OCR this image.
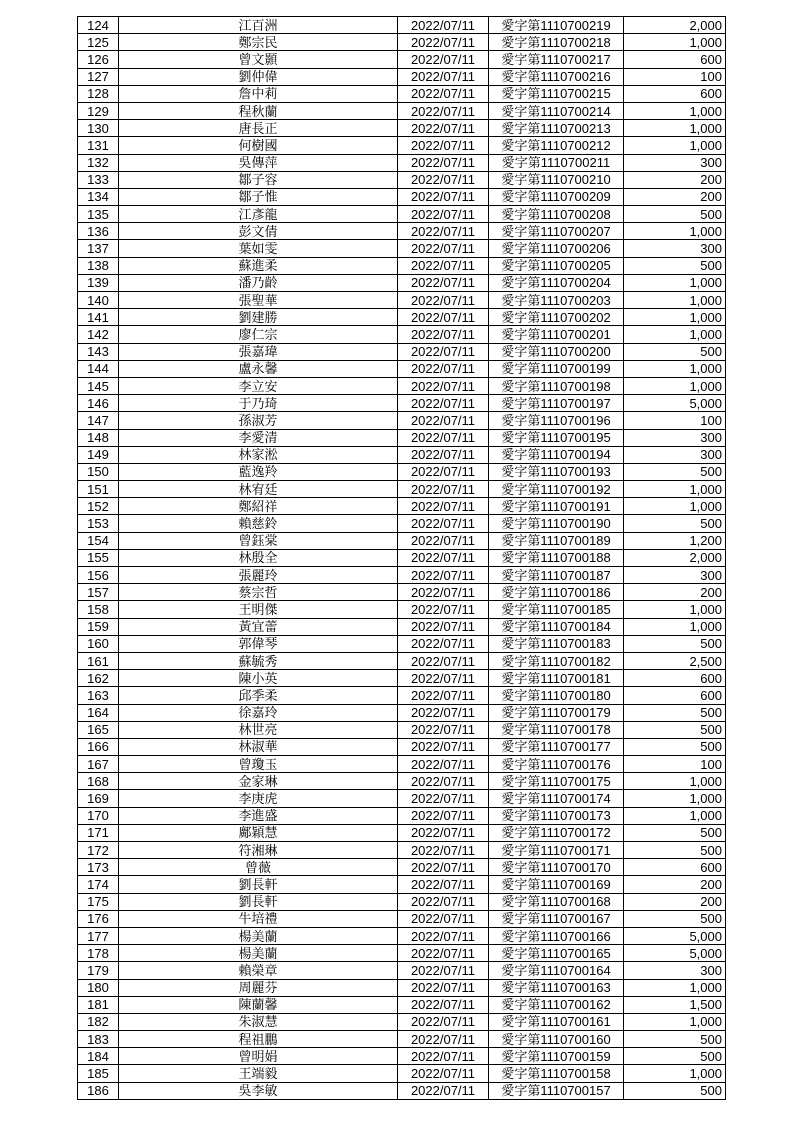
124	江百洲	2022/07/11	愛字第1110700219	2,000
125	鄭宗民	2022/07/11	愛字第1110700218	1,000
126	曾文顥	2022/07/11	愛字第1110700217	600
127	劉仲偉	2022/07/11	愛字第1110700216	100
128	詹中莉	2022/07/11	愛字第1110700215	600
129	程秋蘭	2022/07/11	愛字第1110700214	1,000
130	唐長正	2022/07/11	愛字第1110700213	1,000
131	何樹國	2022/07/11	愛字第1110700212	1,000
132	吳傳萍	2022/07/11	愛字第1110700211	300
133	鄒子容	2022/07/11	愛字第1110700210	200
134	鄒子惟	2022/07/11	愛字第1110700209	200
135	江彥龍	2022/07/11	愛字第1110700208	500
136	彭文倩	2022/07/11	愛字第1110700207	1,000
137	葉如雯	2022/07/11	愛字第1110700206	300
138	蘇進柔	2022/07/11	愛字第1110700205	500
139	潘乃齡	2022/07/11	愛字第1110700204	1,000
140	張聖華	2022/07/11	愛字第1110700203	1,000
141	劉建勝	2022/07/11	愛字第1110700202	1,000
142	廖仁宗	2022/07/11	愛字第1110700201	1,000
143	張嘉瑋	2022/07/11	愛字第1110700200	500
144	盧永馨	2022/07/11	愛字第1110700199	1,000
145	李立安	2022/07/11	愛字第1110700198	1,000
146	于乃琦	2022/07/11	愛字第1110700197	5,000
147	孫淑芳	2022/07/11	愛字第1110700196	100
148	李愛清	2022/07/11	愛字第1110700195	300
149	林家淞	2022/07/11	愛字第1110700194	300
150	藍逸羚	2022/07/11	愛字第1110700193	500
151	林宥廷	2022/07/11	愛字第1110700192	1,000
152	鄭紹祥	2022/07/11	愛字第1110700191	1,000
153	賴慈鈴	2022/07/11	愛字第1110700190	500
154	曾鈺棠	2022/07/11	愛字第1110700189	1,200
155	林殷全	2022/07/11	愛字第1110700188	2,000
156	張麗玲	2022/07/11	愛字第1110700187	300
157	蔡宗哲	2022/07/11	愛字第1110700186	200
158	王明傑	2022/07/11	愛字第1110700185	1,000
159	黃宜蕾	2022/07/11	愛字第1110700184	1,000
160	郭偉琴	2022/07/11	愛字第1110700183	500
161	蘇毓秀	2022/07/11	愛字第1110700182	2,500
162	陳小英	2022/07/11	愛字第1110700181	600
163	邱季柔	2022/07/11	愛字第1110700180	600
164	徐嘉玲	2022/07/11	愛字第1110700179	500
165	林世亮	2022/07/11	愛字第1110700178	500
166	林淑華	2022/07/11	愛字第1110700177	500
167	曾瓊玉	2022/07/11	愛字第1110700176	100
168	金家琳	2022/07/11	愛字第1110700175	1,000
169	李庚虎	2022/07/11	愛字第1110700174	1,000
170	李進盛	2022/07/11	愛字第1110700173	1,000
171	鄺穎慧	2022/07/11	愛字第1110700172	500
172	符湘琳	2022/07/11	愛字第1110700171	500
173	曾薇	2022/07/11	愛字第1110700170	600
174	劉長軒	2022/07/11	愛字第1110700169	200
175	劉長軒	2022/07/11	愛字第1110700168	200
176	牛培禮	2022/07/11	愛字第1110700167	500
177	楊美蘭	2022/07/11	愛字第1110700166	5,000
178	楊美蘭	2022/07/11	愛字第1110700165	5,000
179	賴榮章	2022/07/11	愛字第1110700164	300
180	周麗芬	2022/07/11	愛字第1110700163	1,000
181	陳蘭馨	2022/07/11	愛字第1110700162	1,500
182	朱淑慧	2022/07/11	愛字第1110700161	1,000
183	程祖鵬	2022/07/11	愛字第1110700160	500
184	曾明娟	2022/07/11	愛字第1110700159	500
185	王端毅	2022/07/11	愛字第1110700158	1,000
186	吳李敏	2022/07/11	愛字第1110700157	500
